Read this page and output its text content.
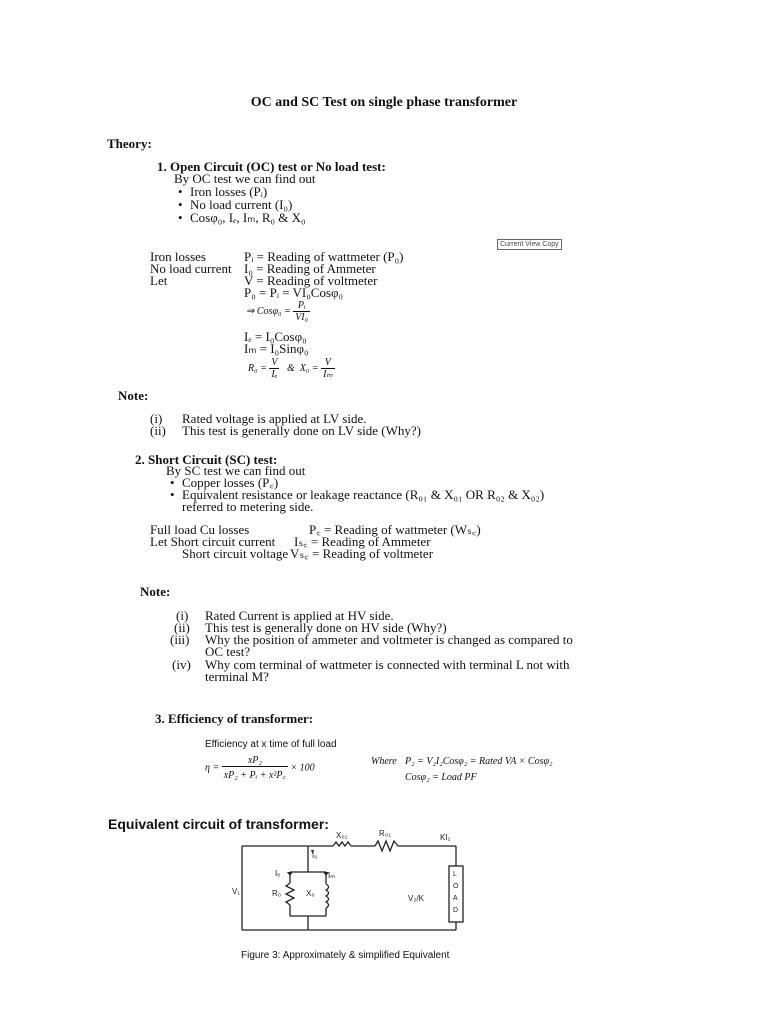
OC and SC Test on single phase transformer
Theory:
1. Open Circuit (OC) test or No load test:
By OC test we can find out
• Iron losses (Pᵢ)
• No load current (I₀)
• Cosφ₀, Iₑ, Iₘ, R₀ & X₀
Current View Copy
Iron losses	Pᵢ = Reading of wattmeter (P₀)
No load current I₀ = Reading of Ammeter
Let	V = Reading of voltmeter
P₀ = Pᵢ = VI₀Cosφ₀
⇒ $Cos\varphi_0 = \frac{\text{Pᵢ}}{\text{VI₀}}$
Iₑ = I₀Cosφ₀
Iₘ = I₀Sinφ₀
$R_0 = \frac{V}{\text{Iₑ}}$ & $X_0 = \frac{V}{\text{Iₘ}}$
Note:
(i) Rated voltage is applied at LV side.
(ii) This test is generally done on LV side (Why?)
2. Short Circuit (SC) test:
By SC test we can find out
• Copper losses (P꜀)
• Equivalent resistance or leakage reactance (R₀₁ & X₀₁ OR R₀₂ & X₀₂)
referred to metering side.
Full load Cu losses	P꜀ = Reading of wattmeter (Wₛ꜀)
Let Short circuit current Iₛ꜀ = Reading of Ammeter
Short circuit voltage Vₛ꜀ = Reading of voltmeter
Note:
(i) Rated Current is applied at HV side.
(ii) This test is generally done on HV side (Why?)
(iii) Why the position of ammeter and voltmeter is changed as compared to
OC test?
(iv) Why com terminal of wattmeter is connected with terminal L not with
terminal M?
3. Efficiency of transformer:
Efficiency at x time of full load
$\eta = \frac{\text{xP₂}}{\text{xP₂ + Pᵢ + x²P꜀}} \times 100$
Where P₂ = V₂I₂Cosφ₂ = Rated VA × Cosφ₂
Cosφ₂ = Load PF
Equivalent circuit of transformer:
X₀₁	R₀₁	KI₂
I₀
Iₑ	Iₘ
R₀	X₀
V₁
V₂/K
L
O
A
D
Figure 3: Approximately & simplified Equivalent
